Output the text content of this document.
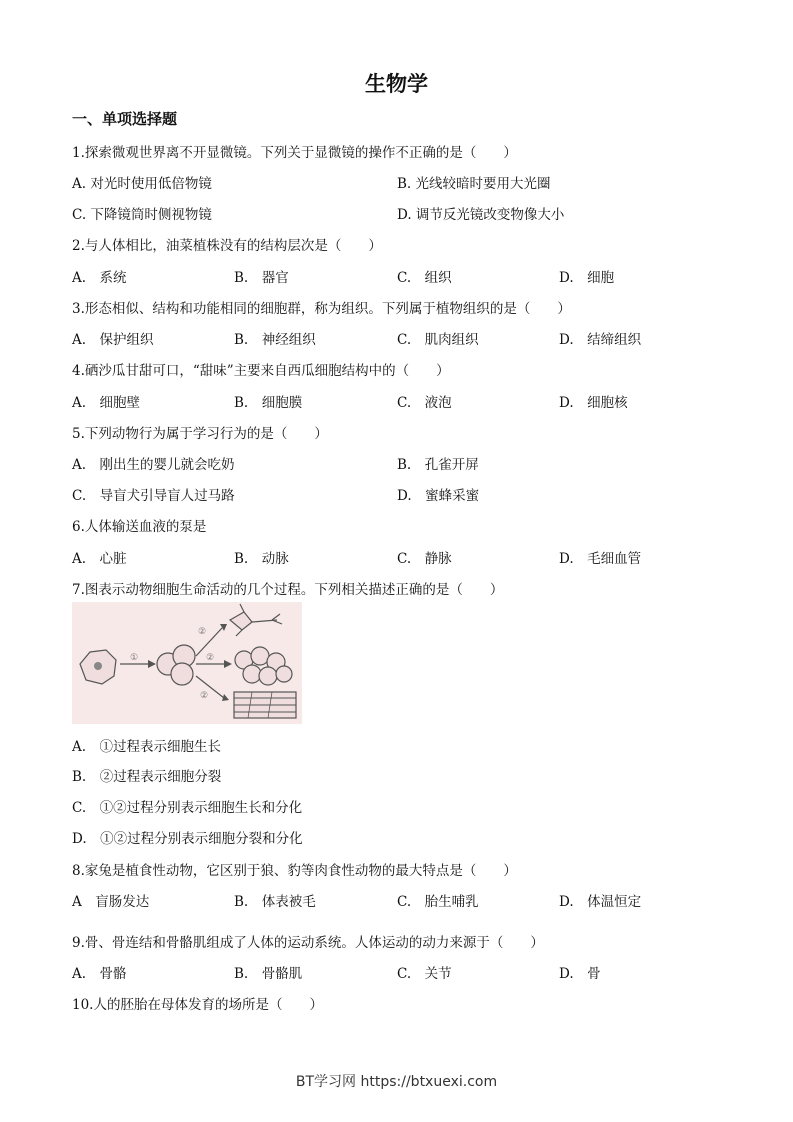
生物学
一、单项选择题
1.探索微观世界离不开显微镜。下列关于显微镜的操作不正确的是（　　）
A. 对光时使用低倍物镜	B. 光线较暗时要用大光圈
C. 下降镜筒时侧视物镜	D. 调节反光镜改变物像大小
2.与人体相比，油菜植株没有的结构层次是（　　）
A.　系统	B.　器官	C.　组织	D.　细胞
3.形态相似、结构和功能相同的细胞群，称为组织。下列属于植物组织的是（　　）
A.　保护组织	B.　神经组织	C.　肌肉组织	D.　结缔组织
4.硒沙瓜甘甜可口，“甜味”主要来自西瓜细胞结构中的（　　）
A.　细胞壁	B.　细胞膜	C.　液泡	D.　细胞核
5.下列动物行为属于学习行为的是（　　）
A.　刚出生的婴儿就会吃奶	B.　孔雀开屏
C.　导盲犬引导盲人过马路	D.　蜜蜂采蜜
6.人体输送血液的泵是
A.　心脏	B.　动脉	C.　静脉	D.　毛细血管
7.图表示动物细胞生命活动的几个过程。下列相关描述正确的是（　　）
①
②
②
②
A.　①过程表示细胞生长
B.　②过程表示细胞分裂
C.　①②过程分别表示细胞生长和分化
D.　①②过程分别表示细胞分裂和分化
8.家兔是植食性动物，它区别于狼、豹等肉食性动物的最大特点是（　　）
A　盲肠发达	B.　体表被毛	C.　胎生哺乳	D.　体温恒定
9.骨、骨连结和骨骼肌组成了人体的运动系统。人体运动的动力来源于（　　）
A.　骨骼	B.　骨骼肌	C.　关节	D.　骨
10.人的胚胎在母体发育的场所是（　　）
BT学习网 https://btxuexi.com
